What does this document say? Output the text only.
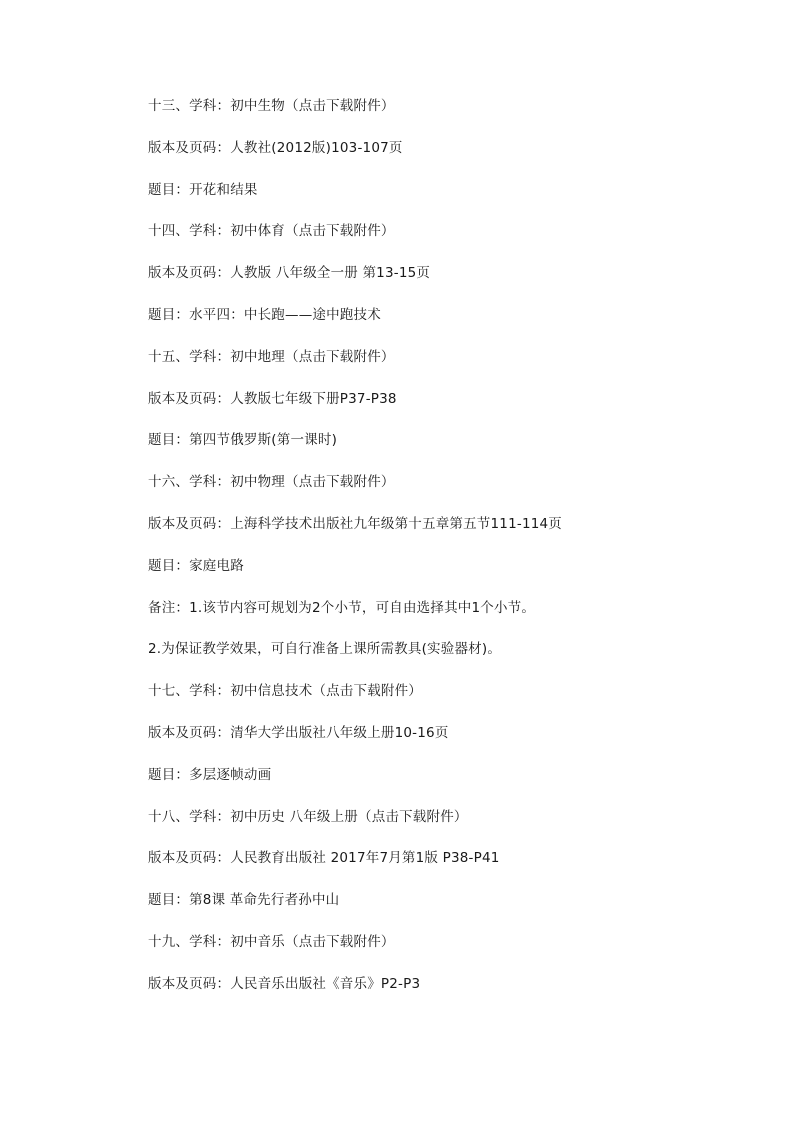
十三、学科：初中生物（点击下载附件）
版本及页码：人教社(2012版)103-107页
题目：开花和结果
十四、学科：初中体育（点击下载附件）
版本及页码：人教版 八年级全一册 第13-15页
题目：水平四：中长跑——途中跑技术
十五、学科：初中地理（点击下载附件）
版本及页码：人教版七年级下册P37-P38
题目：第四节俄罗斯(第一课时)
十六、学科：初中物理（点击下载附件）
版本及页码：上海科学技术出版社九年级第十五章第五节111-114页
题目：家庭电路
备注：1.该节内容可规划为2个小节，可自由选择其中1个小节。
2.为保证教学效果，可自行准备上课所需教具(实验器材)。
十七、学科：初中信息技术（点击下载附件）
版本及页码：清华大学出版社八年级上册10-16页
题目：多层逐帧动画
十八、学科：初中历史 八年级上册（点击下载附件）
版本及页码：人民教育出版社 2017年7月第1版 P38-P41
题目：第8课 革命先行者孙中山
十九、学科：初中音乐（点击下载附件）
版本及页码：人民音乐出版社《音乐》P2-P3
